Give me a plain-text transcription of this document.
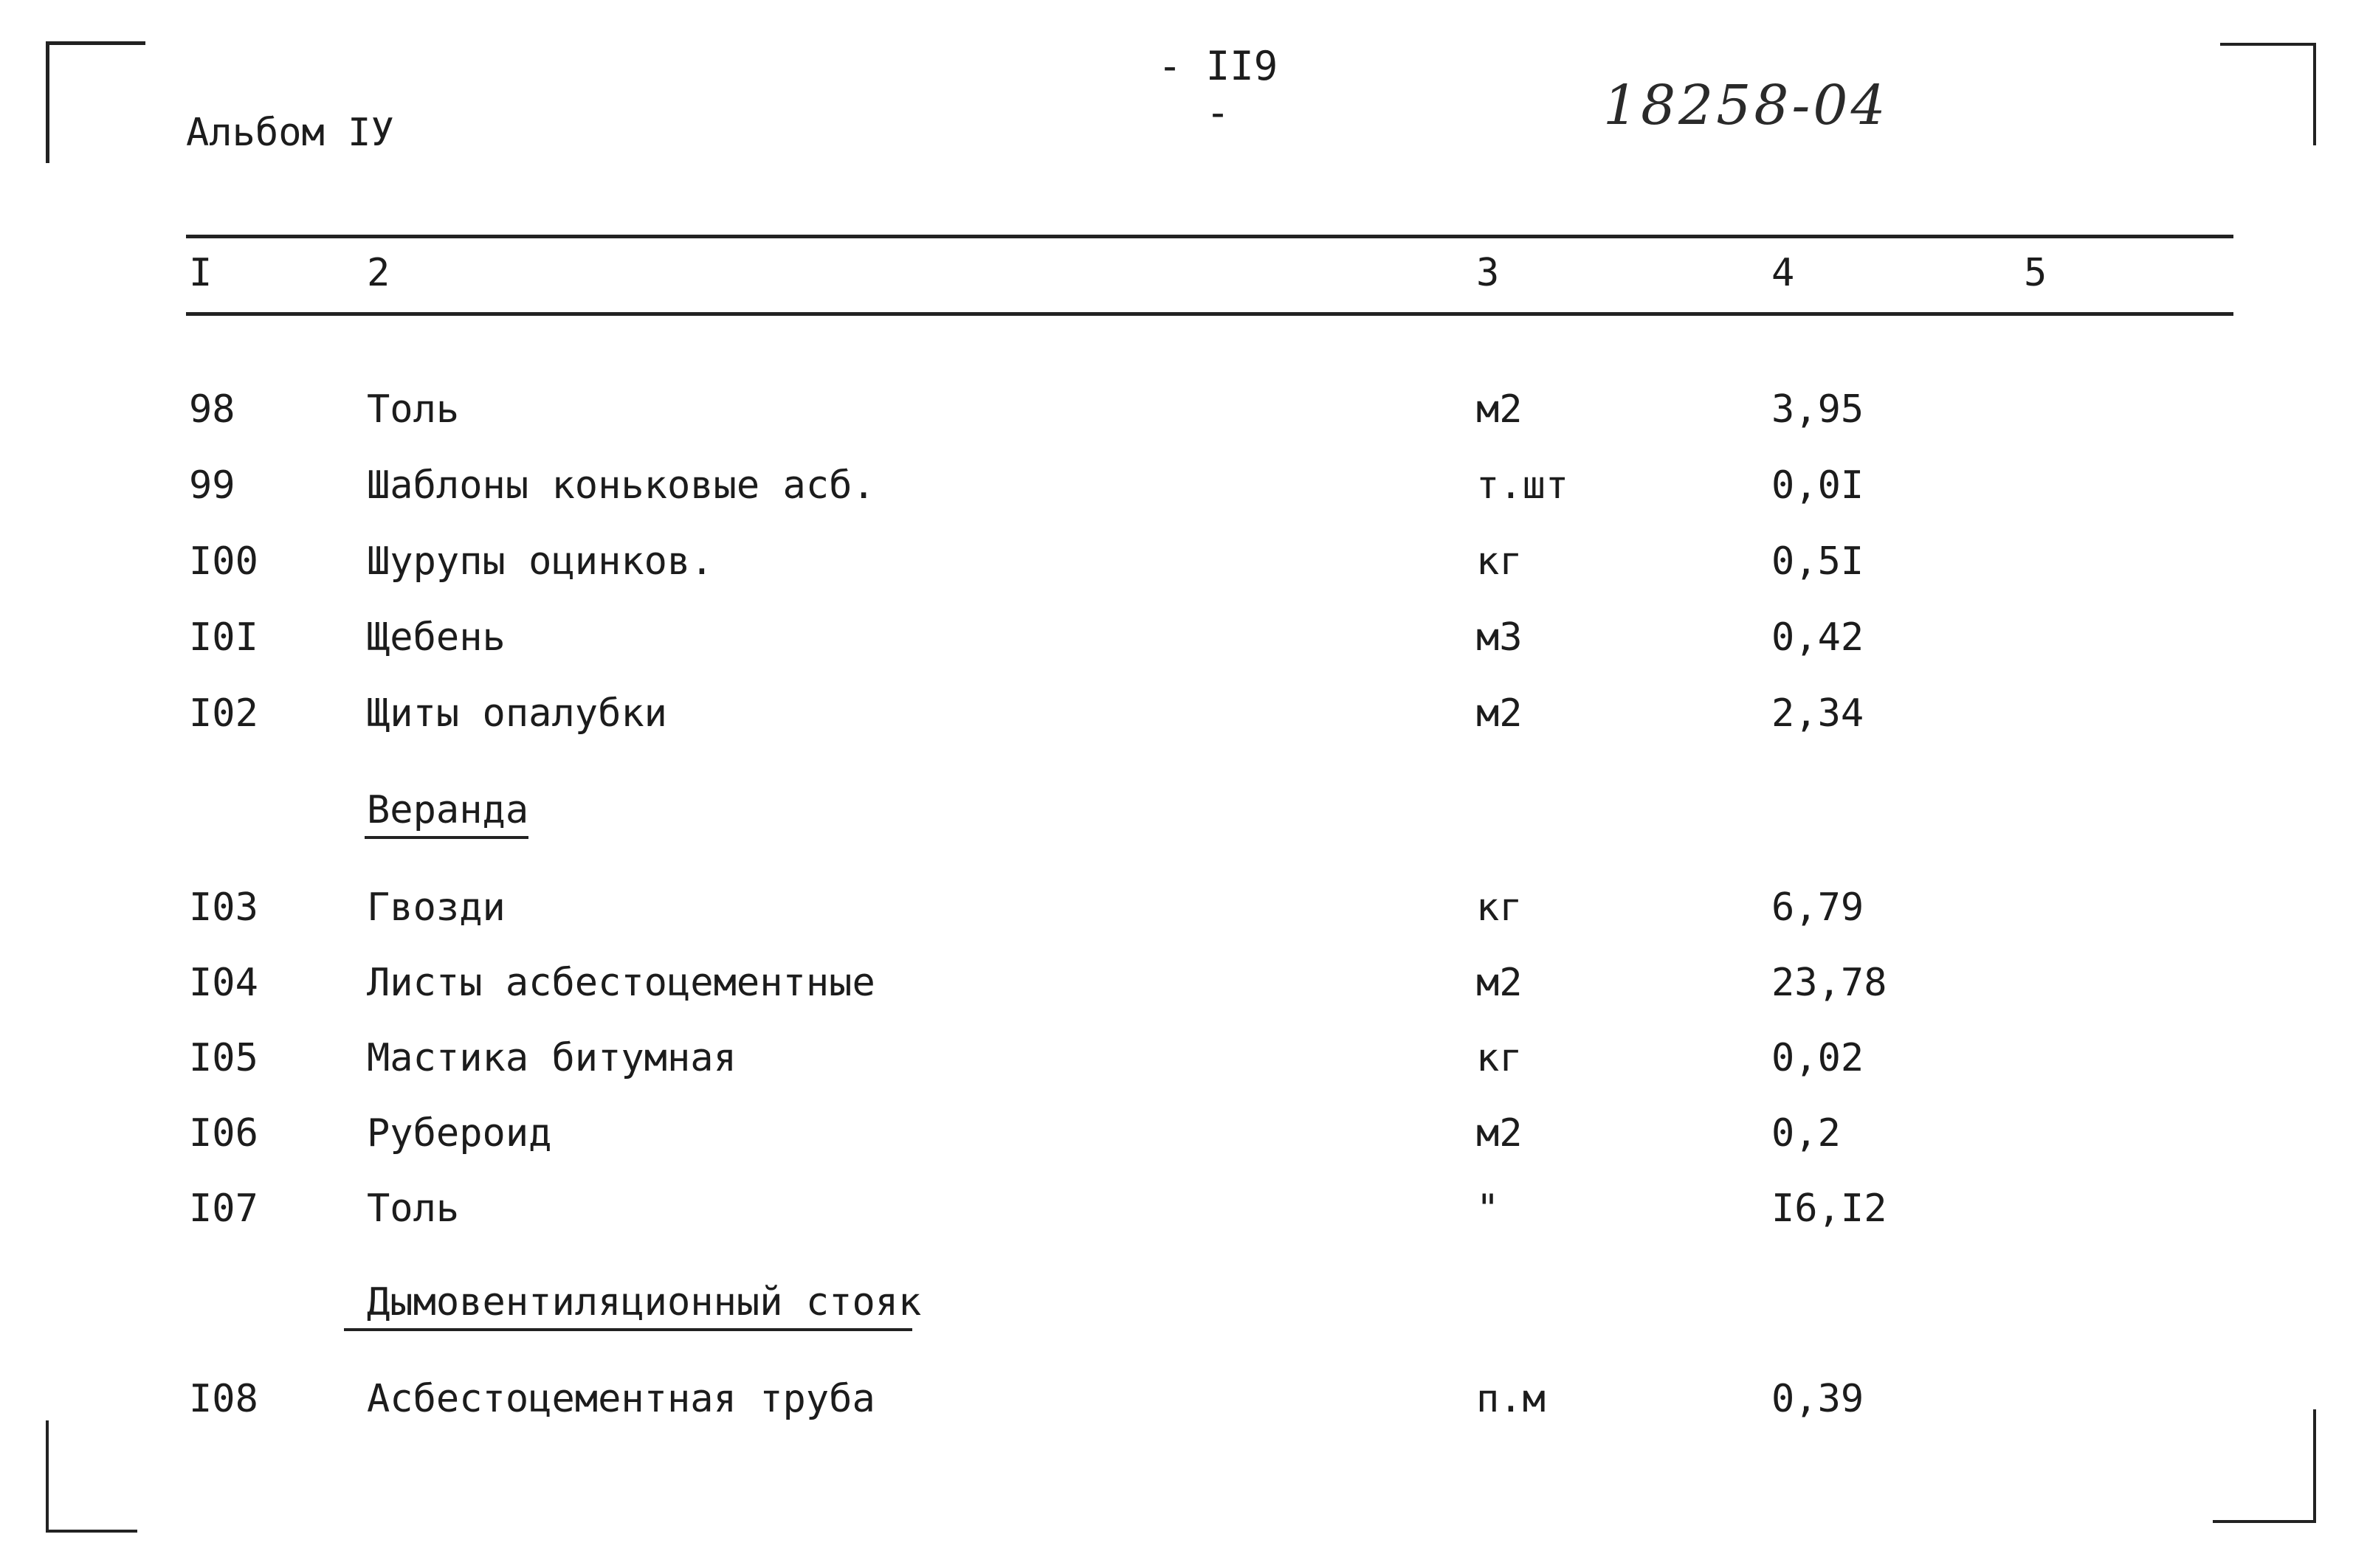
- II9 -
Альбом IУ	18258-04
I	2	3	4	5
98	Толь	м2	3,95
99	Шаблоны коньковые асб.	т.шт	0,0I
I00	Шурупы оцинков.	кг	0,5I
I0I	Щебень	м3	0,42
I02	Щиты опалубки	м2	2,34
Веранда
I03	Гвозди	кг	6,79
I04	Листы асбестоцементные	м2	23,78
I05	Мастика битумная	кг	0,02
I06	Рубероид	м2	0,2
I07	Толь	"	I6,I2
Дымовентиляционный стояк
I08	Асбестоцементная труба	п.м	0,39
